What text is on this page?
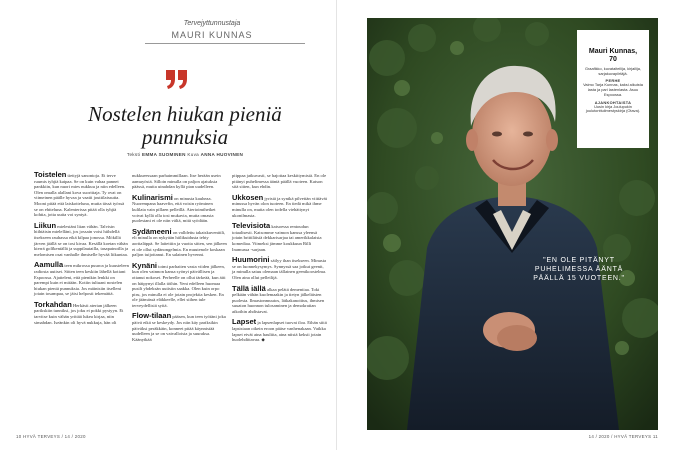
Tervejyttunnustaja
MAURI KUNNAS
Nostelen hiukan pieniä
punnuksia
Teksti EMMA SUOMINEN Kuva ANNA HUOVINEN

Toistelen tiettyjä sanontoja. Ei terve ruumis tyhjiä kaipaa. Se on kuin vahaa pannei pankkiin, kun nuori mies nukkuu ja niin edelleen. Olen omalla alallani kova suorittaja. Ty ovat on viimeinen päälle hyvaa ja vaatii jouttilaissutta. Mooni pitää että laiskotteluna, mutta tässä työssä se on ehtteluna. Kalenterissa pitää olla tyhjiä kohtia, jotta uutta voi syntyä.

Liikun mielestäni liian vähän. Talvisin hiihtäisin mielelläni, jos jossain voisi hiihdellä itsekseen rauhassa eikä kilpaa jonossa. Mökillä järven jäällä se on tosi kivaa. Kesällä koetan vähän kierrä golfkentällä ja suppilautailla, tasapainoilla ja melomisen osat vanhalle ihmiselle hyvää liikuntaa.

Aamulla teen mikrossa puuroa ja kuusteleen radiosta uutiset. Sitten teen keskiin lähellä kotiani Espoossa. Ajatteleni, että pienikin lenkki on parempi kuin ei mitään. Kotiin tultuani nostelen hiukan pieniä punnuksia. Jos mäinisiin itselleni jotain tosampaa, se jäisi helposti tekemättä.

Torkahdan Herkästi aterian jälkeen parikskiin tunniksi, jos joku ei pokki pystyyn. Ei tarvitse kuin vähän yrittää lukea kirjaa, niin simahdan. Iseänkin oli hyvä nukkuja, hän oli

nukkueessaan parhaimmillaan. Itse herään usein aamuyöstä. Silloin minulla on paljon ajatuksia päässä, mutta uinahdan kyllä pian uudelleen.

Kulinarismi on minusta kauheaa. Nuorempana haavefin, että voisin ryöminen kulilata vain pillaen pelleillä. Aterioimthetket voivat kyllä olla tosi mukavia, mutta omasta puolestani ei ole niin väliä, mitä syödään.

Sydämeeni on valldettu takaiskuventtili, eli minulla on nykyään hiilikuidusta tehty aorttaläppä. Se laitettiin ja vuotta sitten, sen jälkeen ei ole ollut sydänongelmia. En muutenole koskaan paljon tuijottanut. En salainen hyvenni.

Kynäni toimi parhaiten vasta viiden jälkeen, kun olen vainnon kansa syönyt päivällisen ja ottanut nokoset. Perheelle on ollut tärkeää, kun äiti on häipynyt illalla töihin. Yeni edelleen huomaa pusilt yhdeksän uutisiin saakka. Olen kuin orpo piru, jos minulla ei ole jotain projektia kesken. En ole jäämässä eläkkeelle, ellei siihen tule terveydellisiä syitä.

Flow-tilaan pääsen, kun teen työtäni joka päivä eikä se keskeydy. Jos niin käy pariksikin päiväksi peräkkäin, konneet pitää käynnistää uudelleen ja se on vaivalloista ja suuraksa. Käänytkää

piippaa jatkuvasti, se hajottaa keskittymistä. En ole pitänyt puhelimessa ääntä päällä vuoteen. Katson sitä sitten, kun ehdin.

Ukkosen jyristä ja syntkä pilvettän viittävät minussa hyvän olon tuoteen. En tiedä mikä ihme minulla on, mutta olen todella viehättynyt ukonilmasta.

Televisiota katsoessa rentoudun totaalisesti. Katsomme vaimon kanssa yleensä jotain brittiläisiä dekkarisarjaa tai amerikkalaista komediaa. Viimeksi jämme koukkuun Rilli Inamussa -sarjaan.

Huumorini säilyy ihan itsekseen. Minusta se on luonnekysymys. Synnyssä saa jotkut geenit, ja minulla satuu olemaan tällainen geenikoostelma. Olen aina ollut pelleilijä.

Tällä iällä alkaa pelätä dementiaa. Toki pelkään vähän kuolemaakin ja tietyn jälkeläisten puolesta. Ilmastonmuutos, lätkakanoittus, ihmisen suuaton huonnon tulosaminen ja demokratian aikoihin ahdistavat.

Lapset ja lapsenlapset tuovat iloa. Eihän siitä lapsistaan oikein eroon pääse vanhenakaan. Vaikka lapset eivät aina hauliita, aina niistä keksii jotain huolehdittavaa. ◆

Mauri Kunnas,
70
Graafikko, kuvataiteilija, kirjailija, sarjakuvapiirtäjä.
PERHE
Vaimo Tarja Kunnas, kaksi aikuista lasta ja pari lastenlasta. Asuu Espoossa.
AJANKOHTAISTA
Uusin kirja Joulupukin joulutonttuilmestyskirja (Otava).
"EN OLE PITÄNYT
PUHELIMESSA ÄÄNTÄ
PÄÄLLÄ 15 VUOTEEN."
10 HYVÄ TERVEYS / 14 / 2020	14 / 2020 / HYVÄ TERVEYS 11
